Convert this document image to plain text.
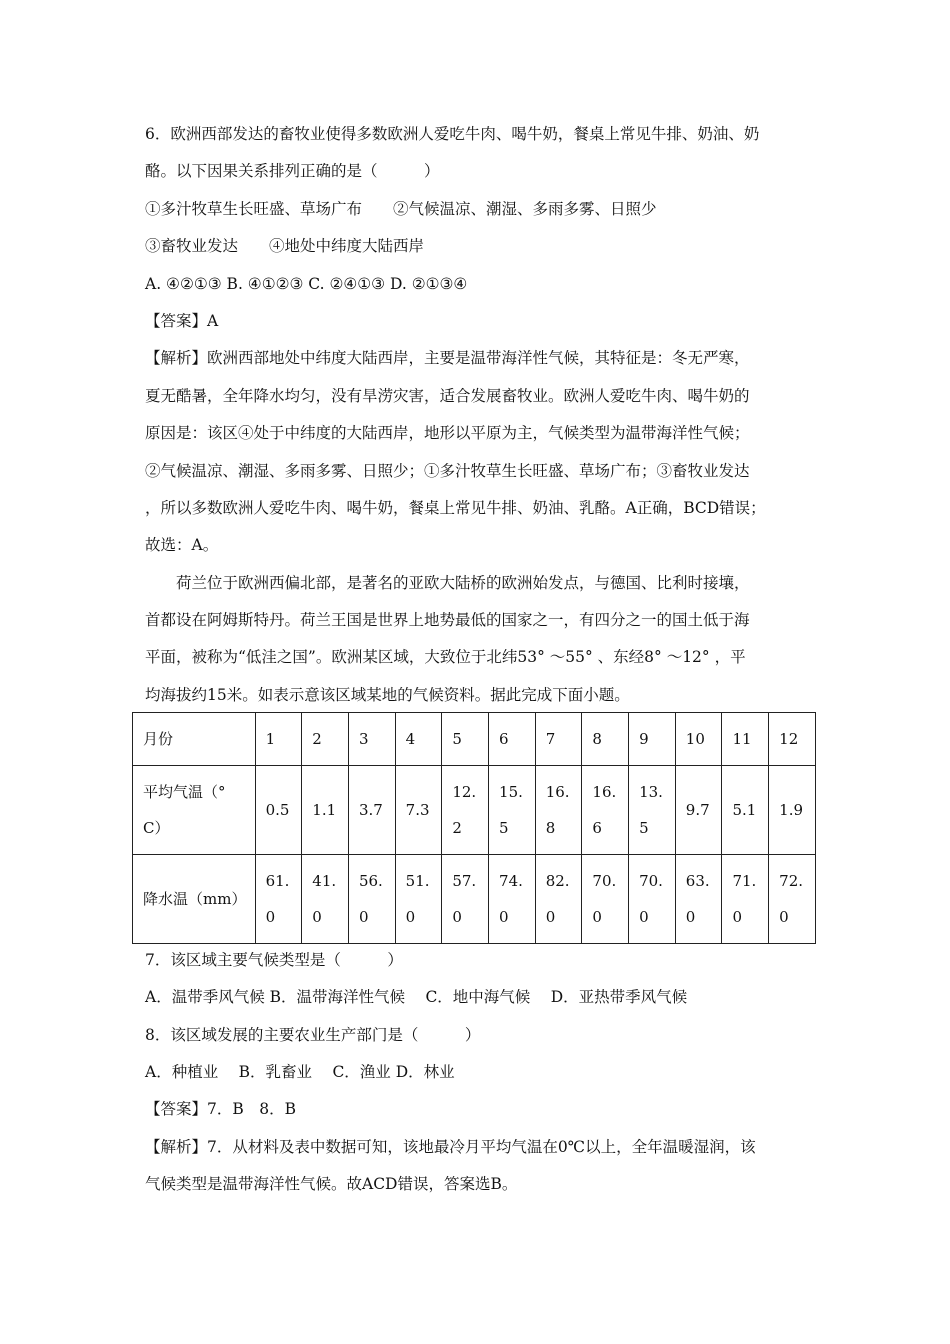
6．欧洲西部发达的畜牧业使得多数欧洲人爱吃牛肉、喝牛奶，餐桌上常见牛排、奶油、奶
酪。以下因果关系排列正确的是（　　　）
①多汁牧草生长旺盛、草场广布　　②气候温凉、潮湿、多雨多雾、日照少
③畜牧业发达　　④地处中纬度大陆西岸
A. ④②①③ B. ④①②③ C. ②④①③ D. ②①③④
【答案】A
【解析】欧洲西部地处中纬度大陆西岸，主要是温带海洋性气候，其特征是：冬无严寒，
夏无酷暑，全年降水均匀，没有旱涝灾害，适合发展畜牧业。欧洲人爱吃牛肉、喝牛奶的
原因是：该区④处于中纬度的大陆西岸，地形以平原为主，气候类型为温带海洋性气候；
②气候温凉、潮湿、多雨多雾、日照少；①多汁牧草生长旺盛、草场广布；③畜牧业发达
，所以多数欧洲人爱吃牛肉、喝牛奶，餐桌上常见牛排、奶油、乳酪。A正确，BCD错误；
故选：A。
荷兰位于欧洲西偏北部，是著名的亚欧大陆桥的欧洲始发点，与德国、比利时接壤，
首都设在阿姆斯特丹。荷兰王国是世界上地势最低的国家之一，有四分之一的国土低于海
平面，被称为“低洼之国”。欧洲某区域，大致位于北纬53° ～55° 、东经8° ～12° ，平
均海拔约15米。如表示意该区域某地的气候资料。据此完成下面小题。
月份	1	2	3	4	5	6	7	8	9	10	11	12

平均气温（° C）	0.5	1.1	3.7	7.3	12.2	15.5	16.8	16.6	13.5	9.7	5.1	1.9

降水温（mm）	61.0	41.0	56.0	51.0	57.0	74.0	82.0	70.0	70.0	63.0	71.0	72.0
7．该区域主要气候类型是（　　　）
A．温带季风气候 B．温带海洋性气候　 C．地中海气候　 D．亚热带季风气候
8．该区域发展的主要农业生产部门是（　　　）
A．种植业　 B．乳畜业　 C．渔业 D．林业
【答案】7．B　8．B
【解析】7．从材料及表中数据可知，该地最冷月平均气温在0℃以上，全年温暖湿润，该
气候类型是温带海洋性气候。故ACD错误，答案选B。
